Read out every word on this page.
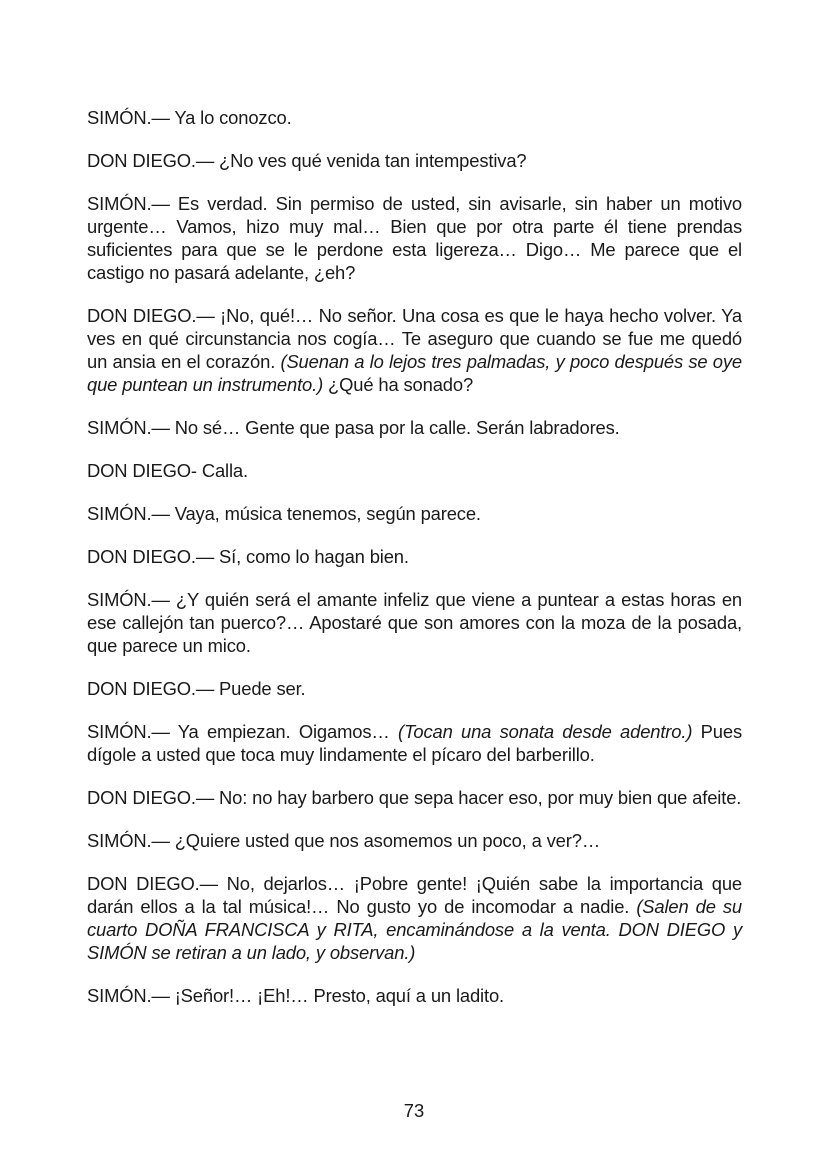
SIMÓN.— Ya lo conozco.

DON DIEGO.— ¿No ves qué venida tan intempestiva?

SIMÓN.— Es verdad. Sin permiso de usted, sin avisarle, sin haber un motivo urgente… Vamos, hizo muy mal… Bien que por otra parte él tiene prendas suficientes para que se le perdone esta ligereza… Digo… Me parece que el castigo no pasará adelante, ¿eh?

DON DIEGO.— ¡No, qué!… No señor. Una cosa es que le haya hecho volver. Ya ves en qué circunstancia nos cogía… Te aseguro que cuando se fue me quedó un ansia en el corazón. (Suenan a lo lejos tres palmadas, y poco después se oye que puntean un instrumento.) ¿Qué ha sonado?

SIMÓN.— No sé… Gente que pasa por la calle. Serán labradores.

DON DIEGO- Calla.

SIMÓN.— Vaya, música tenemos, según parece.

DON DIEGO.— Sí, como lo hagan bien.

SIMÓN.— ¿Y quién será el amante infeliz que viene a puntear a estas horas en ese callejón tan puerco?… Apostaré que son amores con la moza de la posada, que parece un mico.

DON DIEGO.— Puede ser.

SIMÓN.— Ya empiezan. Oigamos… (Tocan una sonata desde adentro.) Pues dígole a usted que toca muy lindamente el pícaro del barberillo.

DON DIEGO.— No: no hay barbero que sepa hacer eso, por muy bien que afeite.

SIMÓN.— ¿Quiere usted que nos asomemos un poco, a ver?…

DON DIEGO.— No, dejarlos… ¡Pobre gente! ¡Quién sabe la importancia que darán ellos a la tal música!… No gusto yo de incomodar a nadie. (Salen de su cuarto DOÑA FRANCISCA y RITA, encaminándose a la venta. DON DIEGO y SIMÓN se retiran a un lado, y observan.)

SIMÓN.— ¡Señor!… ¡Eh!… Presto, aquí a un ladito.

73
